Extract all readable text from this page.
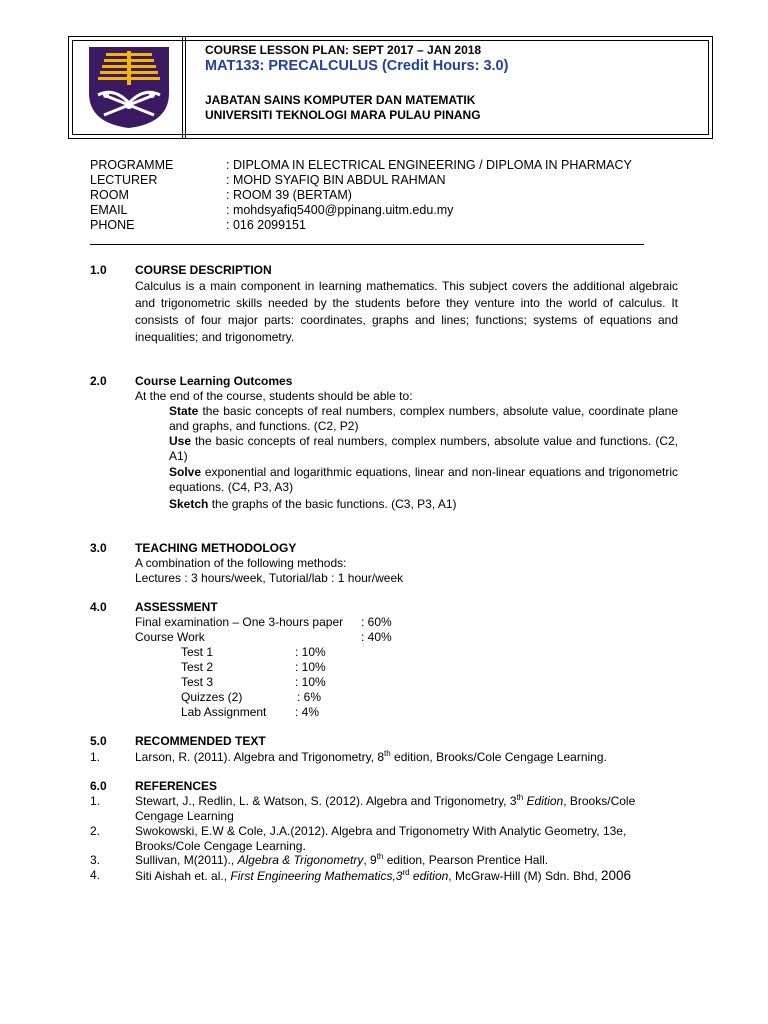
COURSE LESSON PLAN: SEPT 2017 – JAN 2018
MAT133: PRECALCULUS (Credit Hours: 3.0)
JABATAN SAINS KOMPUTER DAN MATEMATIK
UNIVERSITI TEKNOLOGI MARA PULAU PINANG
PROGRAMME	: DIPLOMA IN ELECTRICAL ENGINEERING / DIPLOMA IN PHARMACY
LECTURER	: MOHD SYAFIQ BIN ABDUL RAHMAN
ROOM	: ROOM 39 (BERTAM)
EMAIL	: mohdsyafiq5400@ppinang.uitm.edu.my
PHONE	: 016 2099151
1.0 COURSE DESCRIPTION
Calculus is a main component in learning mathematics. This subject covers the additional algebraic and trigonometric skills needed by the students before they venture into the world of calculus. It consists of four major parts: coordinates, graphs and lines; functions; systems of equations and inequalities; and trigonometry.
2.0 Course Learning Outcomes
At the end of the course, students should be able to:
State the basic concepts of real numbers, complex numbers, absolute value, coordinate plane and graphs, and functions. (C2, P2)
Use the basic concepts of real numbers, complex numbers, absolute value and functions. (C2, A1)
Solve exponential and logarithmic equations, linear and non-linear equations and trigonometric equations. (C4, P3, A3)
Sketch the graphs of the basic functions. (C3, P3, A1)
3.0 TEACHING METHODOLOGY
A combination of the following methods:
Lectures : 3 hours/week, Tutorial/lab : 1 hour/week
4.0 ASSESSMENT
Final examination – One 3-hours paper : 60%
Course Work	: 40%
Test 1	: 10%
Test 2	: 10%
Test 3	: 10%
Quizzes (2)	: 6%
Lab Assignment : 4%
5.0 RECOMMENDED TEXT
1.	Larson, R. (2011). Algebra and Trigonometry, 8th edition, Brooks/Cole Cengage Learning.
6.0 REFERENCES
1.	Stewart, J., Redlin, L. & Watson, S. (2012). Algebra and Trigonometry, 3th Edition, Brooks/Cole Cengage Learning
2.	Swokowski, E.W & Cole, J.A.(2012). Algebra and Trigonometry With Analytic Geometry, 13e, Brooks/Cole Cengage Learning.
3.	Sullivan, M(2011)., Algebra & Trigonometry, 9th edition, Pearson Prentice Hall.
4.	Siti Aishah et. al., First Engineering Mathematics,3rd edition, McGraw-Hill (M) Sdn. Bhd, 2006
